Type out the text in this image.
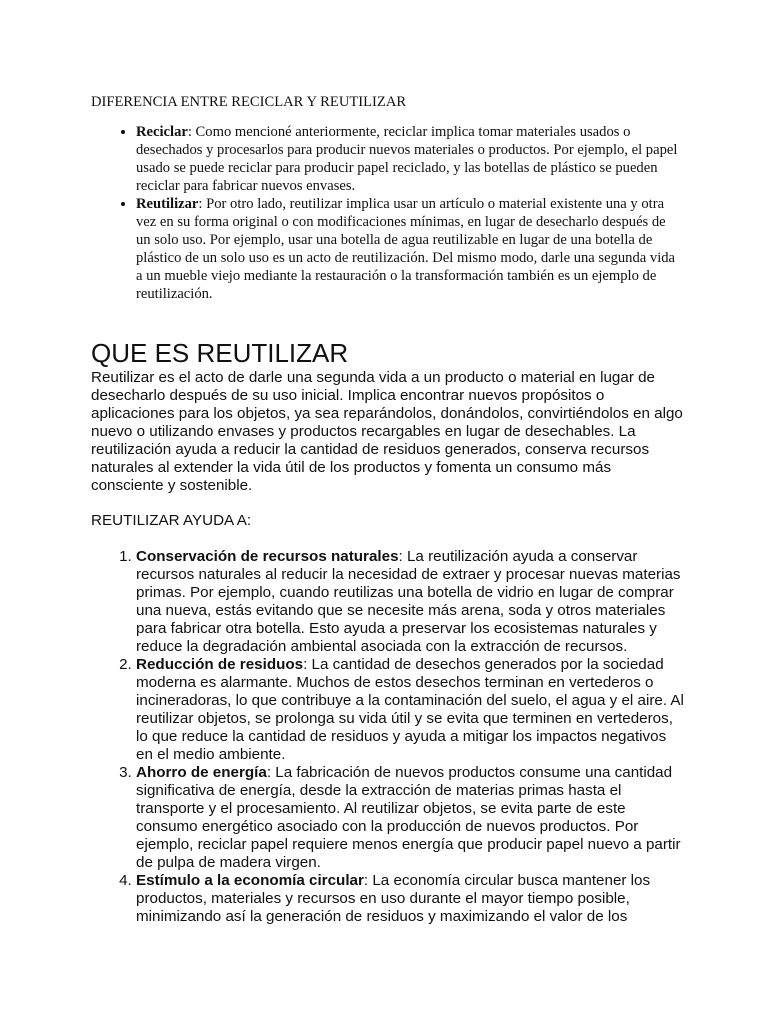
DIFERENCIA ENTRE RECICLAR Y REUTILIZAR
• Reciclar: Como mencioné anteriormente, reciclar implica tomar materiales usados o desechados y procesarlos para producir nuevos materiales o productos. Por ejemplo, el papel usado se puede reciclar para producir papel reciclado, y las botellas de plástico se pueden reciclar para fabricar nuevos envases.
• Reutilizar: Por otro lado, reutilizar implica usar un artículo o material existente una y otra vez en su forma original o con modificaciones mínimas, en lugar de desecharlo después de un solo uso. Por ejemplo, usar una botella de agua reutilizable en lugar de una botella de plástico de un solo uso es un acto de reutilización. Del mismo modo, darle una segunda vida a un mueble viejo mediante la restauración o la transformación también es un ejemplo de reutilización.
QUE ES REUTILIZAR

Reutilizar es el acto de darle una segunda vida a un producto o material en lugar de desecharlo después de su uso inicial. Implica encontrar nuevos propósitos o aplicaciones para los objetos, ya sea reparándolos, donándolos, convirtiéndolos en algo nuevo o utilizando envases y productos recargables en lugar de desechables. La reutilización ayuda a reducir la cantidad de residuos generados, conserva recursos naturales al extender la vida útil de los productos y fomenta un consumo más consciente y sostenible.

REUTILIZAR AYUDA A:

1. Conservación de recursos naturales: La reutilización ayuda a conservar recursos naturales al reducir la necesidad de extraer y procesar nuevas materias primas. Por ejemplo, cuando reutilizas una botella de vidrio en lugar de comprar una nueva, estás evitando que se necesite más arena, soda y otros materiales para fabricar otra botella. Esto ayuda a preservar los ecosistemas naturales y reduce la degradación ambiental asociada con la extracción de recursos.
2. Reducción de residuos: La cantidad de desechos generados por la sociedad moderna es alarmante. Muchos de estos desechos terminan en vertederos o incineradoras, lo que contribuye a la contaminación del suelo, el agua y el aire. Al reutilizar objetos, se prolonga su vida útil y se evita que terminen en vertederos, lo que reduce la cantidad de residuos y ayuda a mitigar los impactos negativos en el medio ambiente.
3. Ahorro de energía: La fabricación de nuevos productos consume una cantidad significativa de energía, desde la extracción de materias primas hasta el transporte y el procesamiento. Al reutilizar objetos, se evita parte de este consumo energético asociado con la producción de nuevos productos. Por ejemplo, reciclar papel requiere menos energía que producir papel nuevo a partir de pulpa de madera virgen.
4. Estímulo a la economía circular: La economía circular busca mantener los productos, materiales y recursos en uso durante el mayor tiempo posible, minimizando así la generación de residuos y maximizando el valor de los
